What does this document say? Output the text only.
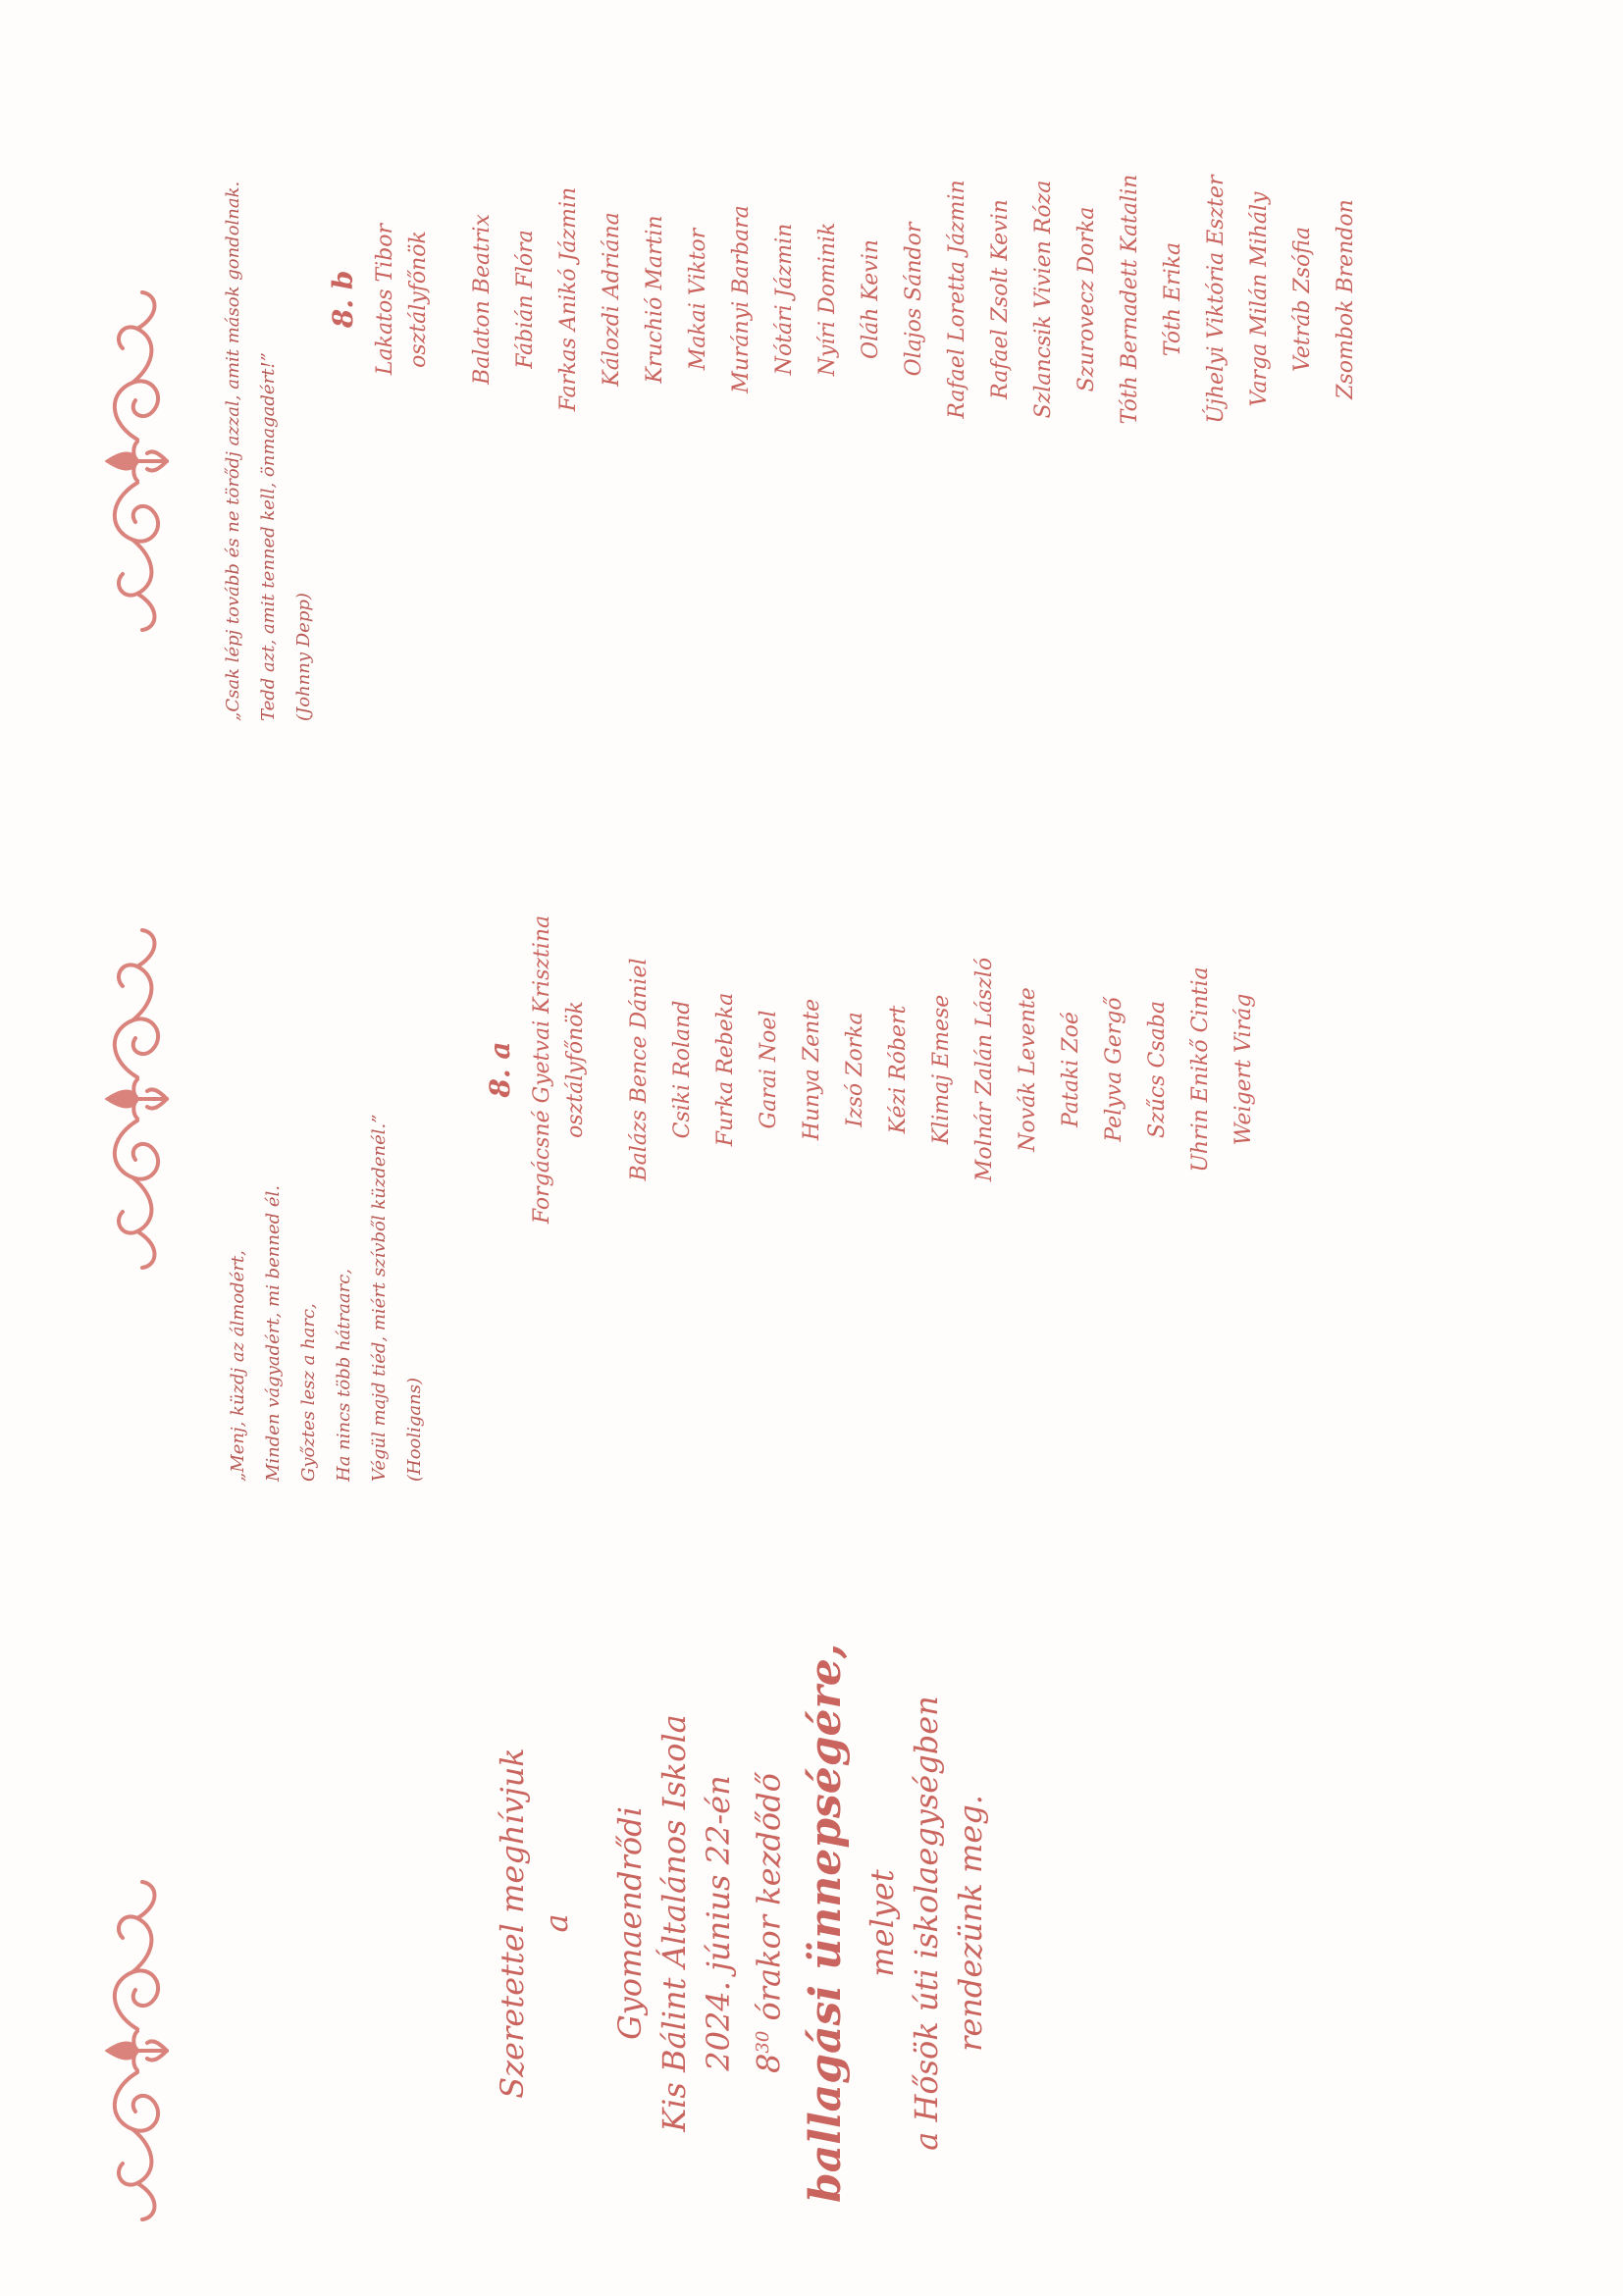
Szeretettel meghívjuk a Gyomaendrődi Kis Bálint Általános Iskola 2024. június 22-én $8^{30}$ órakor kezdődő ballagási ünnepségére, melyet a Hősök úti iskolaegységben rendezünk meg.

„Menj, küzdj az álmodért, Minden vágyadért, mi benned él. Győztes lesz a harc, Ha nincs több hátraarc, Végül majd tiéd, miért szívből küzdenél.” (Hooligans)

8. a Forgácsné Gyetvai Krisztina osztályfőnök	Balázs Bence Dániel Csiki Roland Furka Rebeka Garai Noel Hunya Zente Izsó Zorka Kézi Róbert Klimaj Emese Molnár Zalán László Novák Levente Pataki Zoé Pelyva Gergő Szűcs Csaba Uhrin Enikő Cintia Weigert Virág
„Csak lépj tovább és ne törődj azzal, amit mások gondolnak. Tedd azt, amit tenned kell, önmagadért!” (Johnny Depp)

8. b Lakatos Tibor osztályfőnök	Balaton Beatrix Fábián Flóra Farkas Anikó Jázmin Kálozdi Adriána Kruchió Martin Makai Viktor Murányi Barbara Nótári Jázmin Nyíri Dominik Oláh Kevin Olajos Sándor Rafael Loretta Jázmin Rafael Zsolt Kevin Szlancsik Vivien Róza Szurovecz Dorka Tóth Bernadett Katalin Tóth Erika Újhelyi Viktória Eszter Varga Milán Mihály Vetráb Zsófia Zsombok Brendon
